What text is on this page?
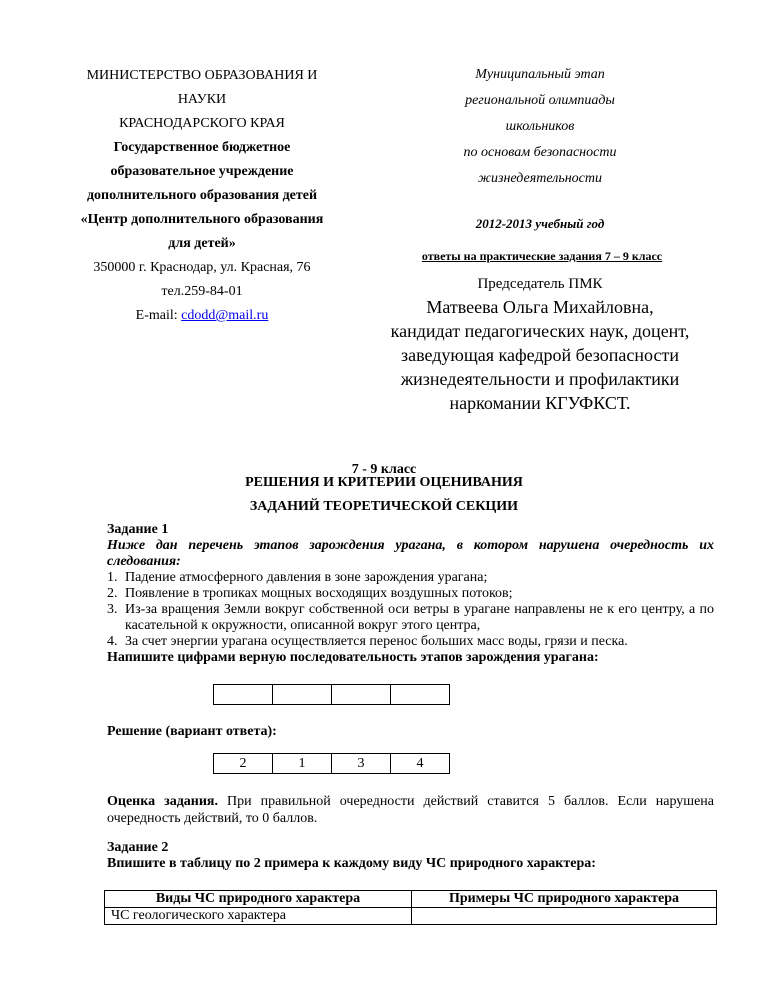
МИНИСТЕРСТВО ОБРАЗОВАНИЯ И
НАУКИ
КРАСНОДАРСКОГО КРАЯ
Государственное бюджетное
образовательное учреждение
дополнительного образования детей
«Центр дополнительного образования
для детей»
350000 г. Краснодар, ул. Красная, 76
тел.259-84-01
E-mail: cdodd@mail.ru
Муниципальный этап
региональной олимпиады
школьников
по основам безопасности
жизнедеятельности
2012-2013 учебный год
ответы на практические задания 7 – 9 класс
Председатель ПМК
Матвеева Ольга Михайловна,
кандидат педагогических наук, доцент,
заведующая кафедрой безопасности
жизнедеятельности и профилактики
наркомании КГУФКСТ.
7 - 9 класс
РЕШЕНИЯ И КРИТЕРИИ ОЦЕНИВАНИЯ
ЗАДАНИЙ ТЕОРЕТИЧЕСКОЙ СЕКЦИИ
Задание 1
Ниже дан перечень этапов зарождения урагана, в котором нарушена очередность их следования:
1. Падение атмосферного давления в зоне зарождения урагана;
2. Появление в тропиках мощных восходящих воздушных потоков;
3. Из-за вращения Земли вокруг собственной оси ветры в урагане направлены не к его центру, а по касательной к окружности, описанной вокруг этого центра,
4. За счет энергии урагана осуществляется перенос больших масс воды, грязи и песка.
Напишите цифрами верную последовательность этапов зарождения урагана:

Решение (вариант ответа):
2	1	3	4
Оценка задания. При правильной очередности действий ставится 5 баллов. Если нарушена очередность действий, то 0 баллов.
Задание 2
Впишите в таблицу по 2 примера к каждому виду ЧС природного характера:
Виды ЧС природного характера	Примеры ЧС природного характера
ЧС геологического характера	
